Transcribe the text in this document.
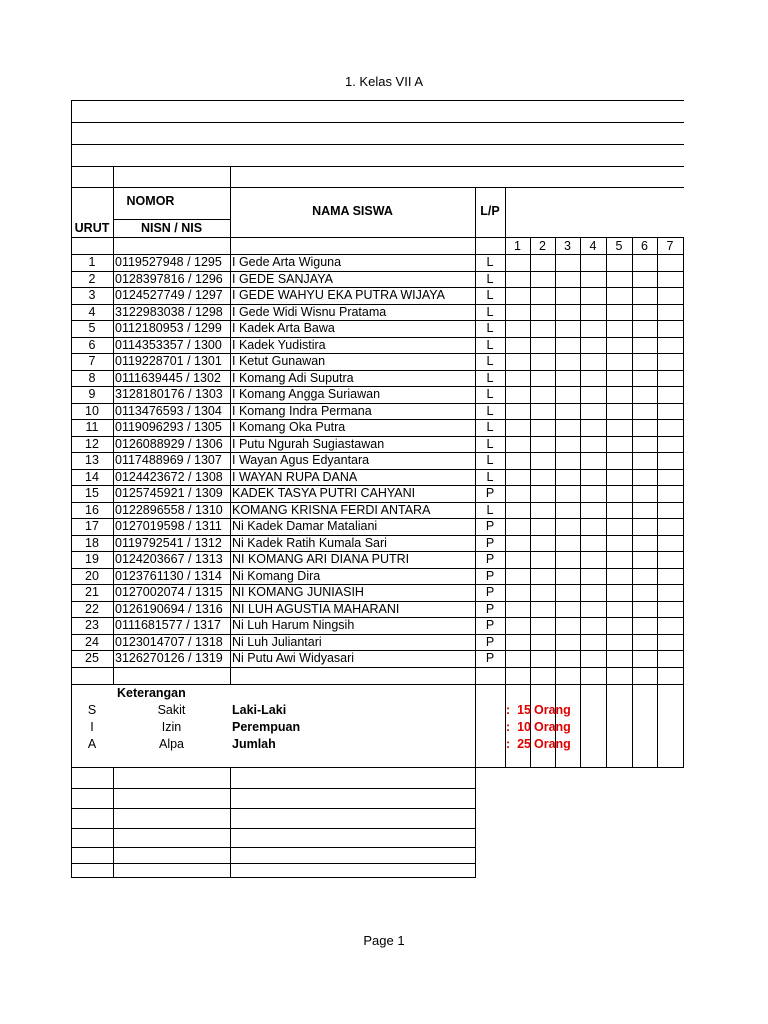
1. Kelas VII A
NOMOR
URUT	NISN / NIS
NAMA SISWA	L/P
1	2	3	4	5	6	7
1	0119527948 / 1295 I Gede Arta Wiguna	L
2	0128397816 / 1296 I GEDE SANJAYA	L
3	0124527749 / 1297 I GEDE WAHYU EKA PUTRA WIJAYA	L
4	3122983038 / 1298 I Gede Widi Wisnu Pratama	L
5	0112180953 / 1299 I Kadek Arta Bawa	L
6	0114353357 / 1300 I Kadek Yudistira	L
7	0119228701 / 1301 I Ketut Gunawan	L
8	0111639445 / 1302 I Komang Adi Suputra	L
9	3128180176 / 1303 I Komang Angga Suriawan	L
10	0113476593 / 1304 I Komang Indra Permana	L
11	0119096293 / 1305 I Komang Oka Putra	L
12	0126088929 / 1306 I Putu Ngurah Sugiastawan	L
13	0117488969 / 1307 I Wayan Agus Edyantara	L
14	0124423672 / 1308 I WAYAN RUPA DANA	L
15	0125745921 / 1309 KADEK TASYA PUTRI CAHYANI	P
16	0122896558 / 1310 KOMANG KRISNA FERDI ANTARA	L
17	0127019598 / 1311 Ni Kadek Damar Mataliani	P
18	0119792541 / 1312 Ni Kadek Ratih Kumala Sari	P
19	0124203667 / 1313 NI KOMANG ARI DIANA PUTRI	P
20	0123761130 / 1314 Ni Komang Dira	P
21	0127002074 / 1315 NI KOMANG JUNIASIH	P
22	0126190694 / 1316 NI LUH AGUSTIA MAHARANI	P
23	0111681577 / 1317 Ni Luh Harum Ningsih	P
24	0123014707 / 1318 Ni Luh Juliantari	P
25	3126270126 / 1319 Ni Putu Awi Widyasari	P
Keterangan
S	Sakit	Laki-Laki	: 15 Orang
I	Izin	Perempuan	: 10 Orang
A	Alpa	Jumlah	: 25 Orang
Page 1
